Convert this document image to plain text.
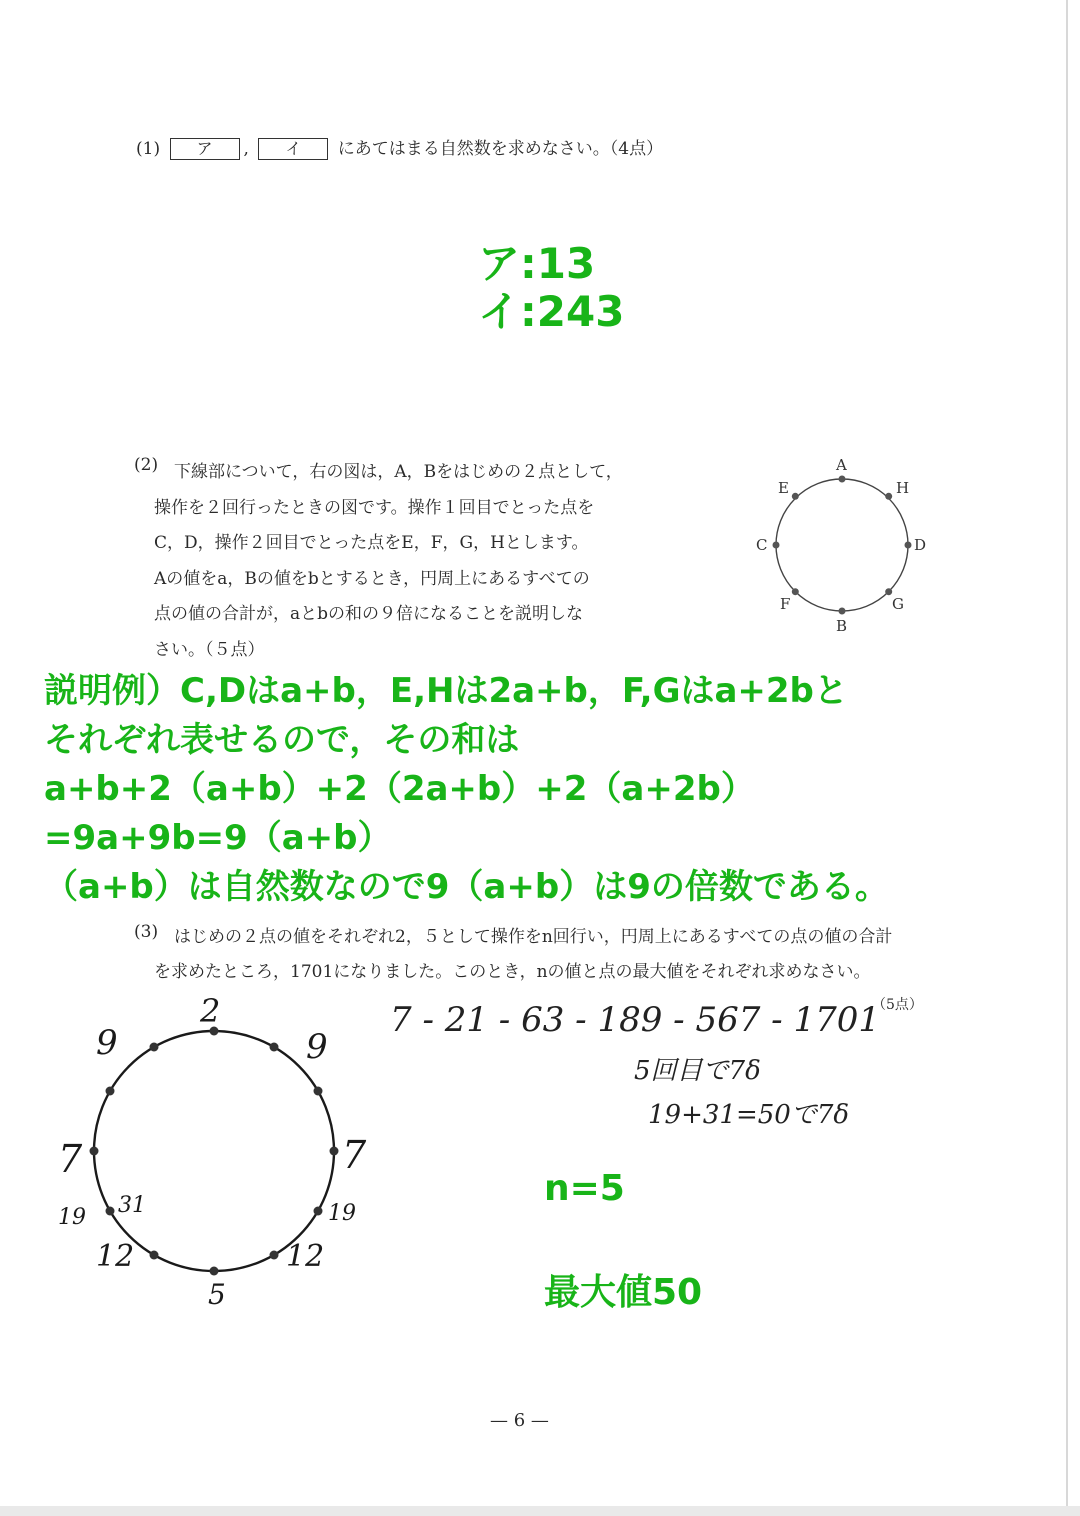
(1) ア , イ にあてはまる自然数を求めなさい。（4点）
ア:13
イ:243
(2) 下線部について，右の図は，A，Bをはじめの２点として，
操作を２回行ったときの図です。操作１回目でとった点を
C，D，操作２回目でとった点をE，F，G，Hとします。
Aの値をa，Bの値をbとするとき，円周上にあるすべての
点の値の合計が，aとbの和の９倍になることを説明しな
さい。（５点）
A
H
D
G
B
F
C
E
説明例）C,Dはa+b，E,Hは2a+b，F,Gはa+2bと
それぞれ表せるので，その和は
a+b+2（a+b）+2（2a+b）+2（a+2b）
=9a+9b=9（a+b）
（a+b）は自然数なので9（a+b）は9の倍数である。
(3) はじめの２点の値をそれぞれ2，５として操作をn回行い，円周上にあるすべての点の値の合計
を求めたところ，1701になりました。このとき，nの値と点の最大値をそれぞれ求めなさい。
（5点）
2
9	9
7	7
19 31	19
12	12
5
7 - 21 - 63 - 189 - 567 - 1701
5回目で7δ
19+31=50で7δ
n=5
最大値50
— 6 —
